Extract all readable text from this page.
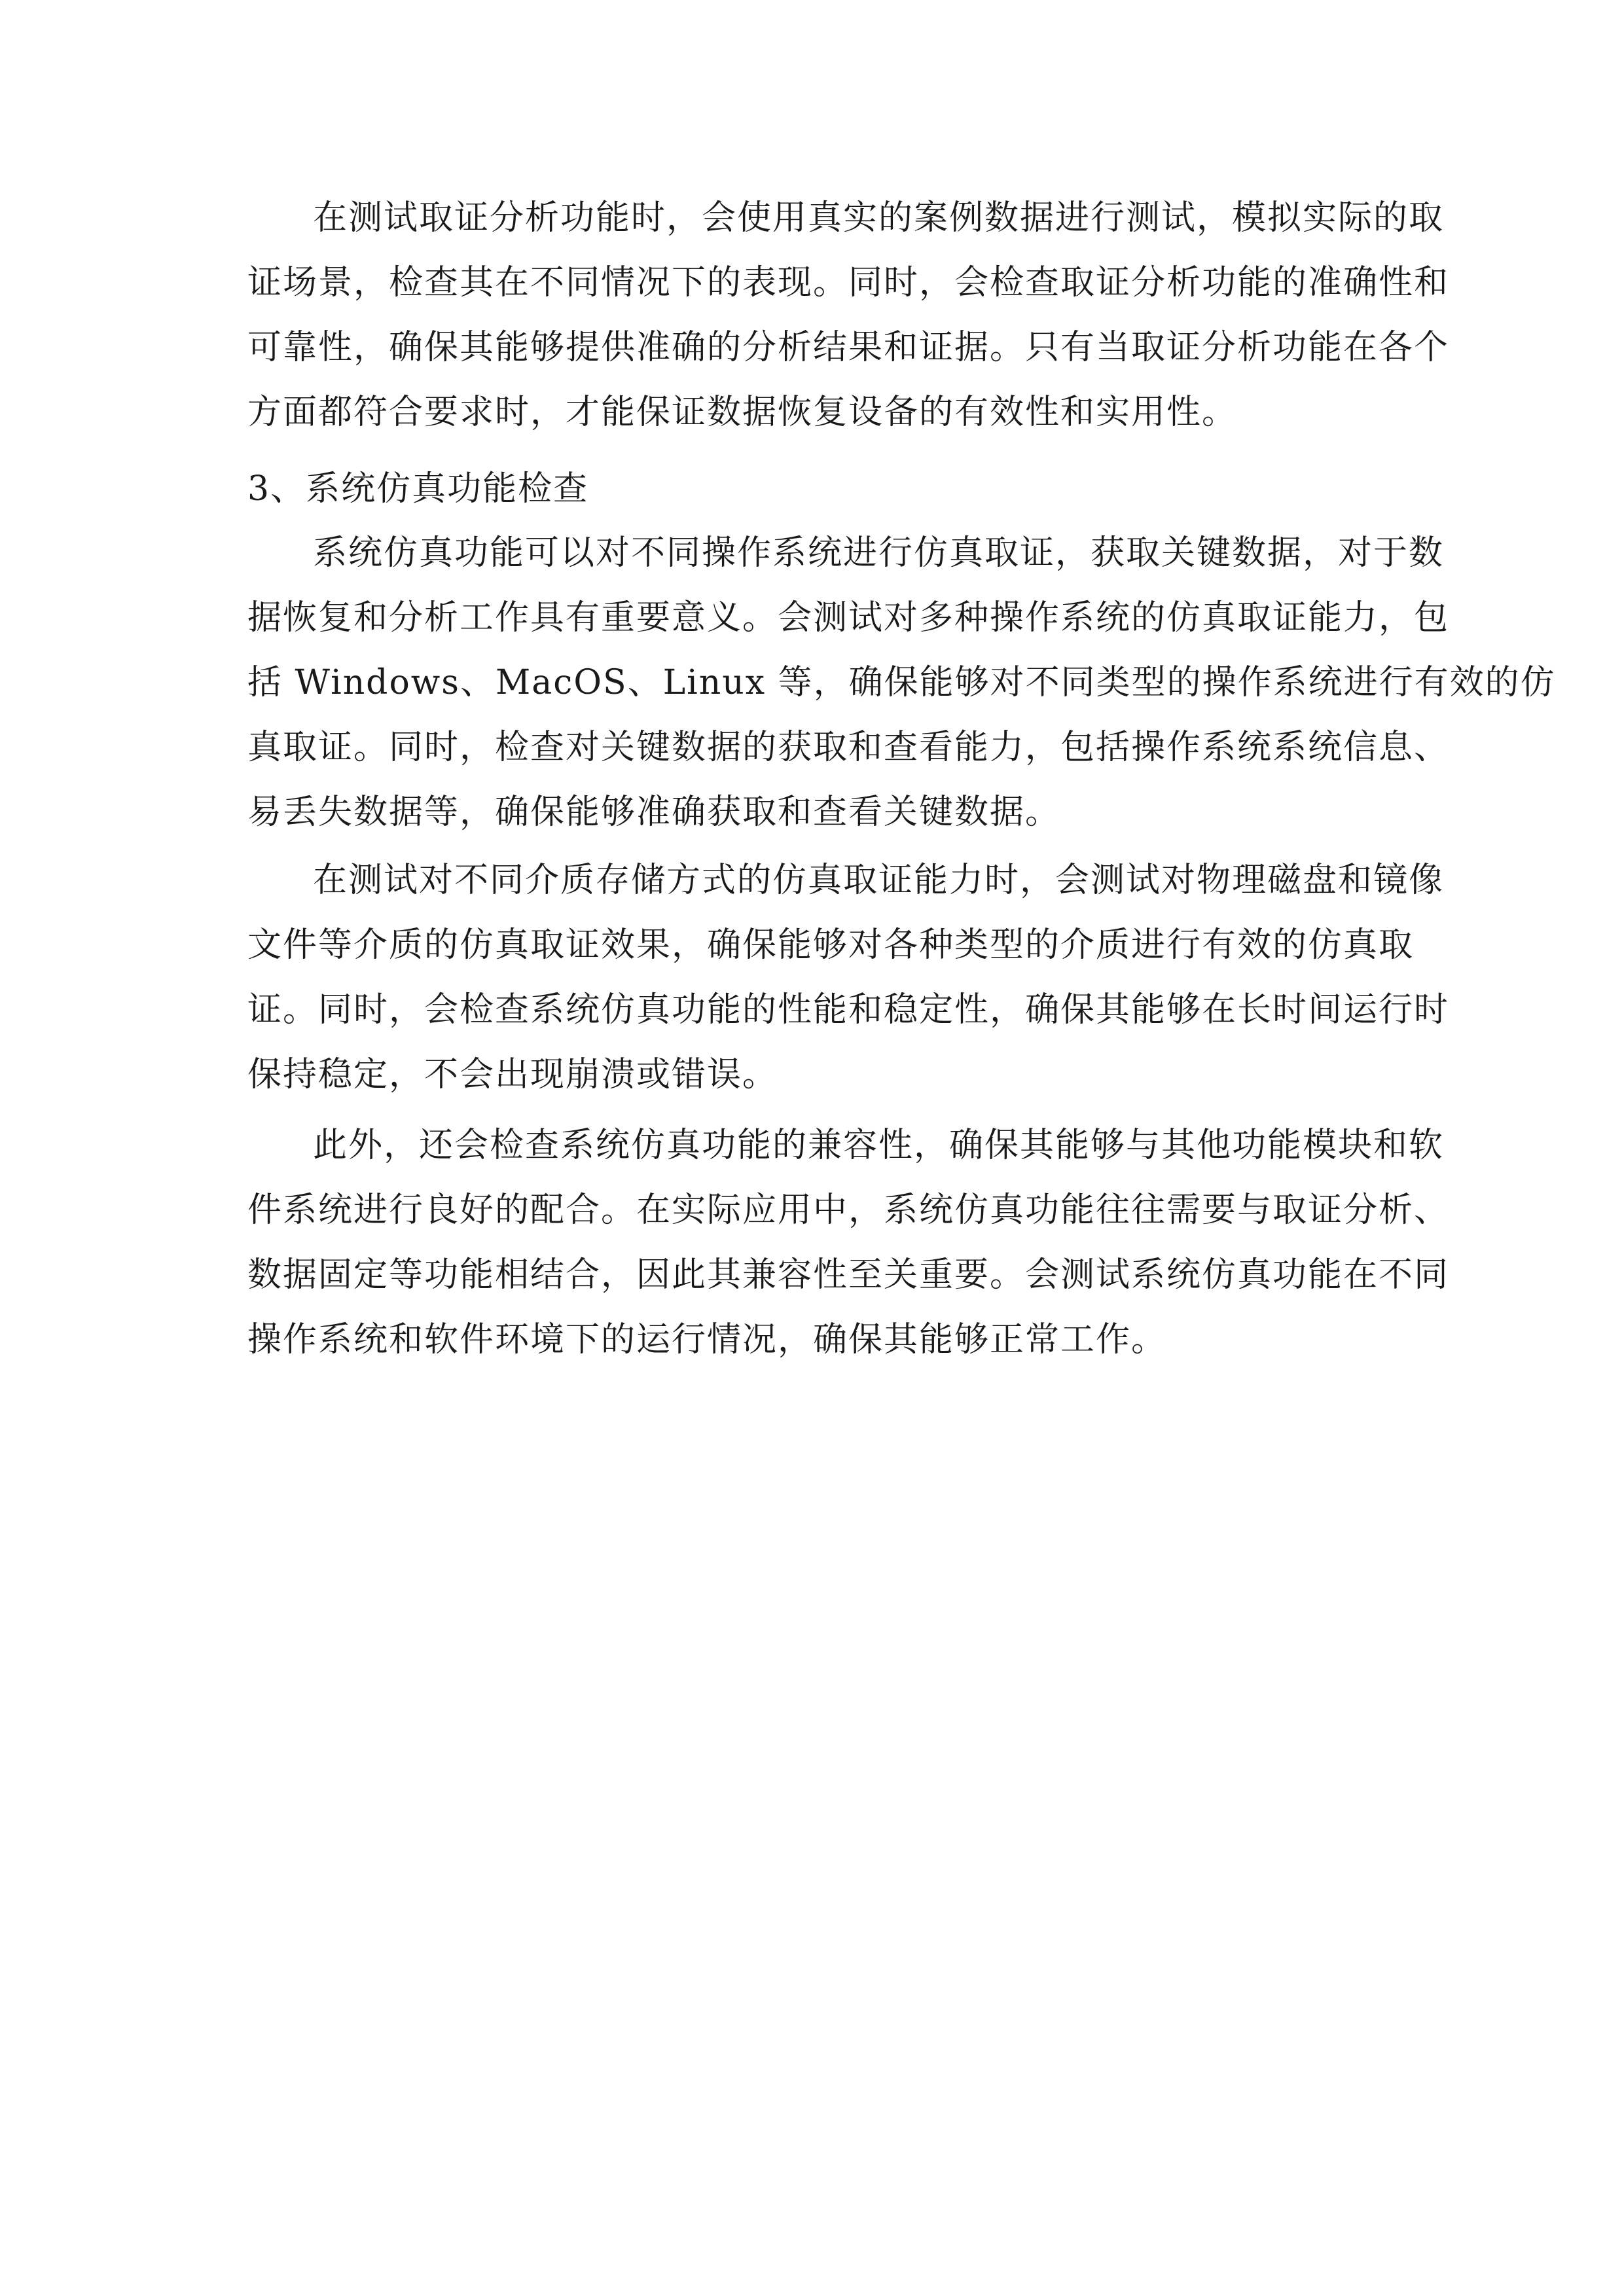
在测试取证分析功能时，会使用真实的案例数据进行测试，模拟实际的取
证场景，检查其在不同情况下的表现。同时，会检查取证分析功能的准确性和
可靠性，确保其能够提供准确的分析结果和证据。只有当取证分析功能在各个
方面都符合要求时，才能保证数据恢复设备的有效性和实用性。
3、系统仿真功能检查
系统仿真功能可以对不同操作系统进行仿真取证，获取关键数据，对于数
据恢复和分析工作具有重要意义。会测试对多种操作系统的仿真取证能力，包
括 Windows、MacOS、Linux 等，确保能够对不同类型的操作系统进行有效的仿
真取证。同时，检查对关键数据的获取和查看能力，包括操作系统系统信息、
易丢失数据等，确保能够准确获取和查看关键数据。
在测试对不同介质存储方式的仿真取证能力时，会测试对物理磁盘和镜像
文件等介质的仿真取证效果，确保能够对各种类型的介质进行有效的仿真取
证。同时，会检查系统仿真功能的性能和稳定性，确保其能够在长时间运行时
保持稳定，不会出现崩溃或错误。
此外，还会检查系统仿真功能的兼容性，确保其能够与其他功能模块和软
件系统进行良好的配合。在实际应用中，系统仿真功能往往需要与取证分析、
数据固定等功能相结合，因此其兼容性至关重要。会测试系统仿真功能在不同
操作系统和软件环境下的运行情况，确保其能够正常工作。
